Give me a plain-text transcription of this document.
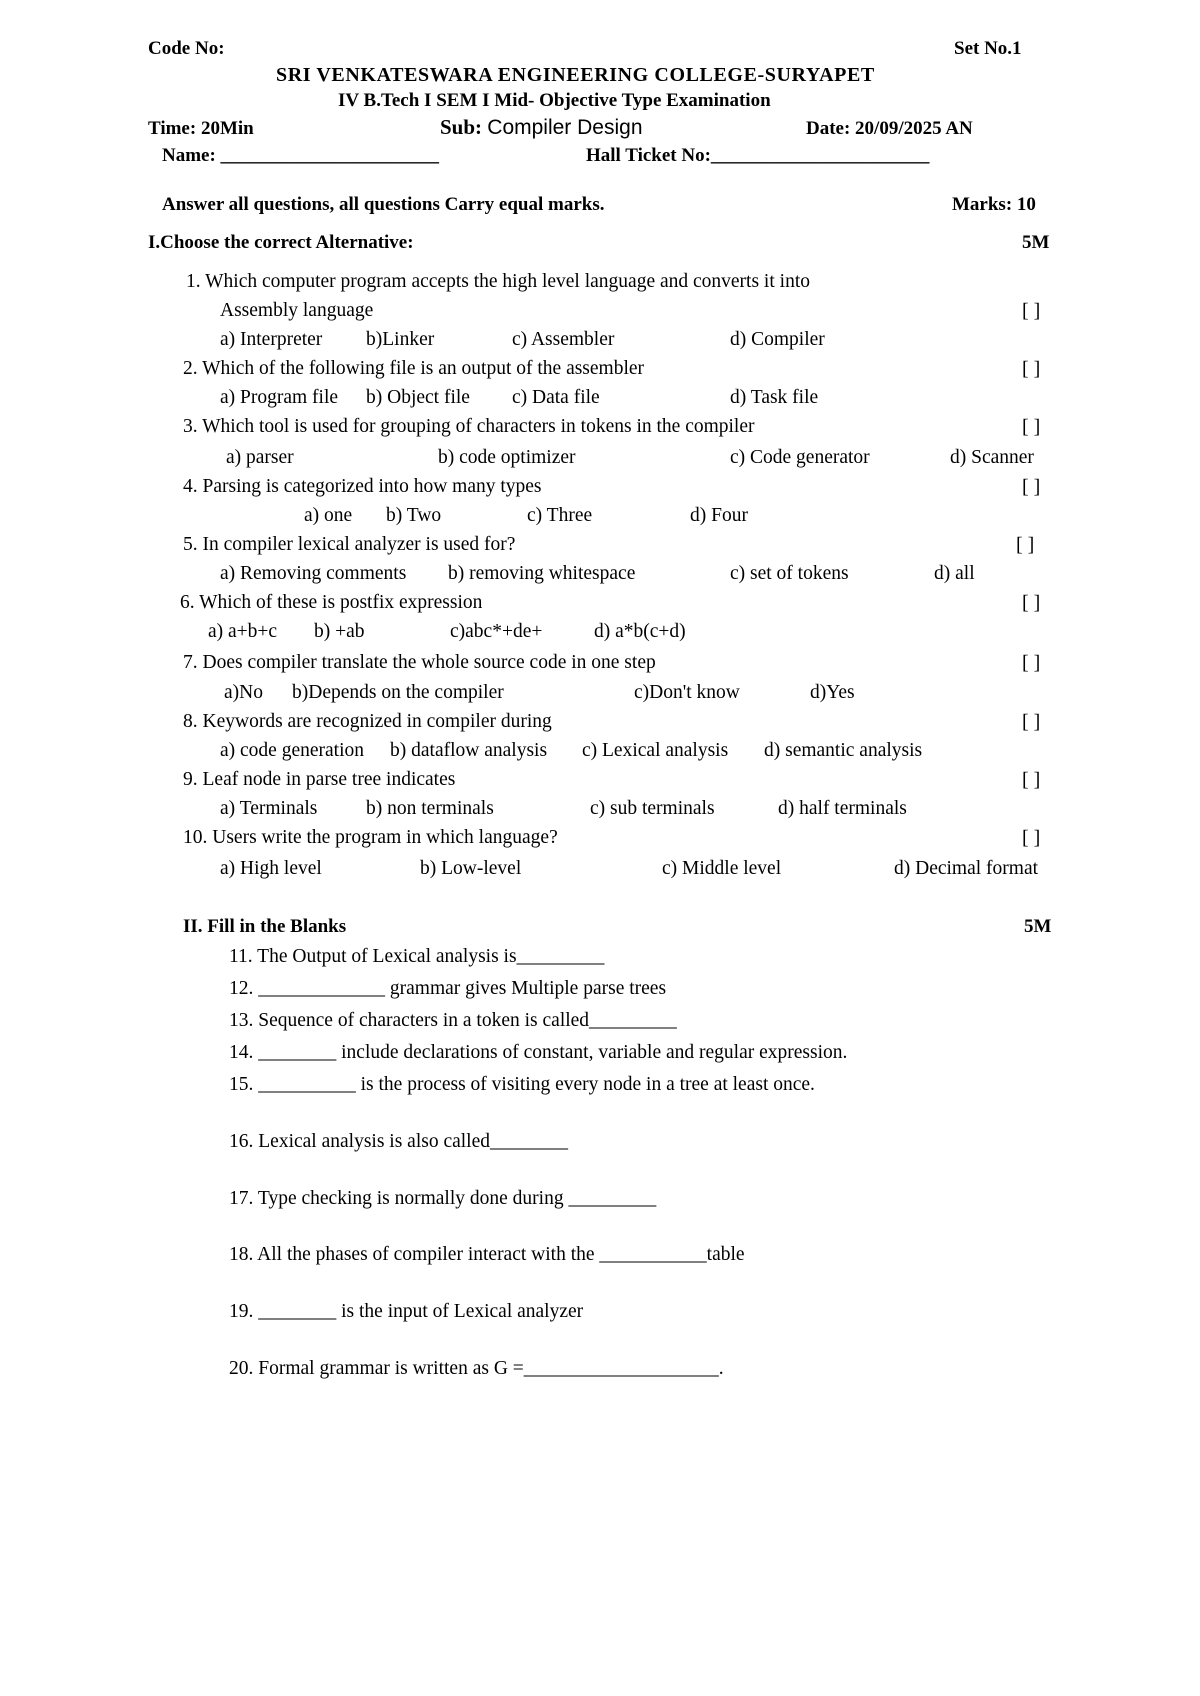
Code No:	Set No.1
SRI VENKATESWARA ENGINEERING COLLEGE-SURYAPET
IV B.Tech I SEM I Mid- Objective Type Examination
Time: 20Min	Sub: Compiler Design	Date: 20/09/2025 AN
Name: _______________________	Hall Ticket No:_______________________
Answer all questions, all questions Carry equal marks.	Marks: 10
I.Choose the correct Alternative:	5M
1. Which computer program accepts the high level language and converts it into
Assembly language	[ ]
a) Interpreter b)Linker	c) Assembler	d) Compiler
2. Which of the following file is an output of the assembler	[ ]
a) Program file b) Object file c) Data file	d) Task file
3. Which tool is used for grouping of characters in tokens in the compiler	[ ]
a) parser	b) code optimizer	c) Code generator	d) Scanner
4. Parsing is categorized into how many types	[ ]
a) one b) Two	c) Three	d) Four
5. In compiler lexical analyzer is used for?	[ ]
a) Removing comments b) removing whitespace	c) set of tokens	d) all
6. Which of these is postfix expression	[ ]
a) a+b+c b) +ab	c)abc*+de+	d) a*b(c+d)
7. Does compiler translate the whole source code in one step	[ ]
a)No b)Depends on the compiler	c)Don't know	d)Yes
8. Keywords are recognized in compiler during	[ ]
a) code generation b) dataflow analysis c) Lexical analysis d) semantic analysis
9. Leaf node in parse tree indicates	[ ]
a) Terminals b) non terminals	c) sub terminals	d) half terminals
10. Users write the program in which language?	[ ]
a) High level	b) Low-level	c) Middle level	d) Decimal format
II. Fill in the Blanks	5M
11. The Output of Lexical analysis is_________
12. _____________ grammar gives Multiple parse trees
13. Sequence of characters in a token is called_________
14. ________ include declarations of constant, variable and regular expression.
15. __________ is the process of visiting every node in a tree at least once.
16. Lexical analysis is also called________
17. Type checking is normally done during _________
18. All the phases of compiler interact with the ___________table
19. ________ is the input of Lexical analyzer
20. Formal grammar is written as G =____________________.
